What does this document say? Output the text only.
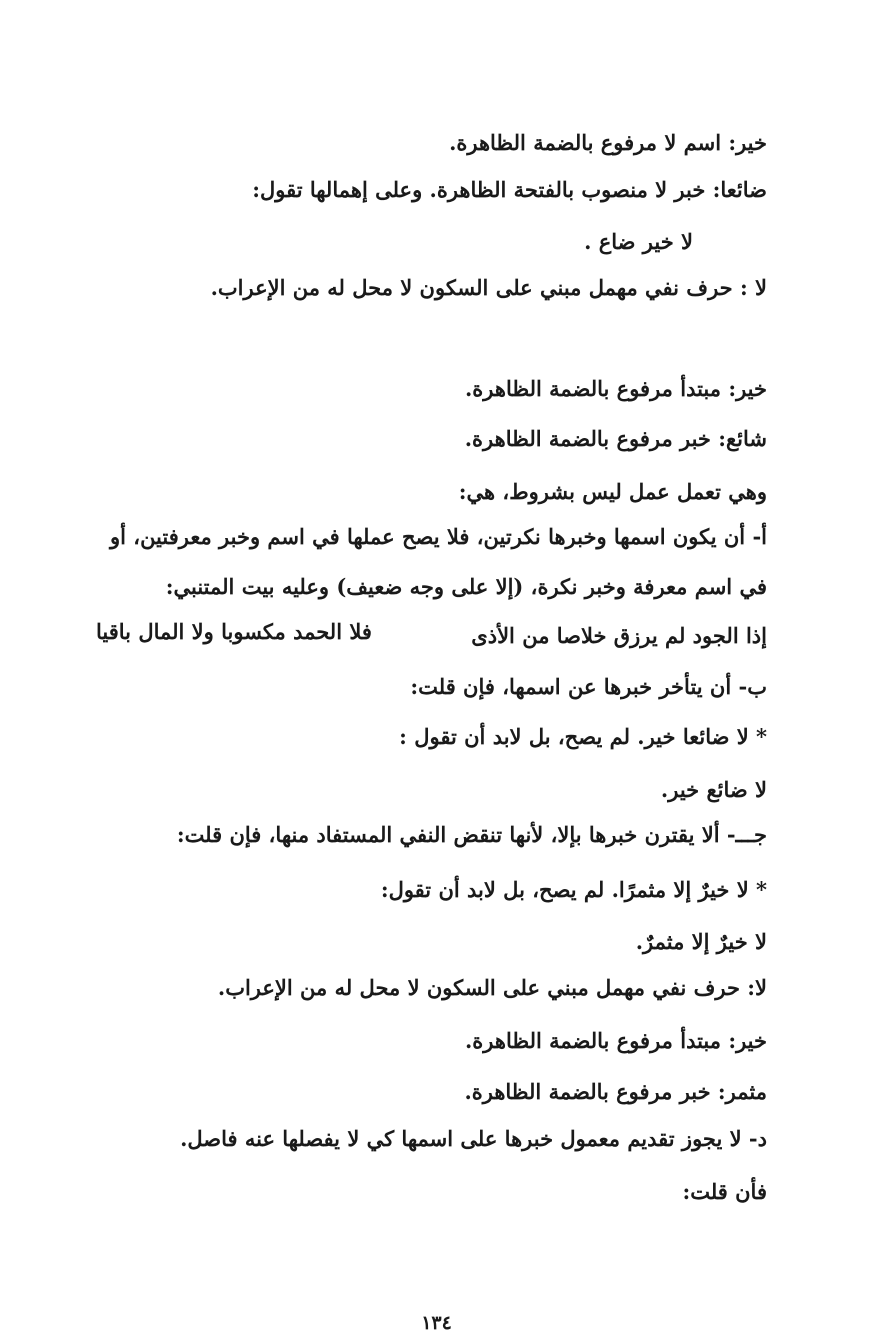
خير: اسم لا مرفوع بالضمة الظاهرة.
ضائعا: خبر لا منصوب بالفتحة الظاهرة. وعلى إهمالها تقول:
لا خير ضاع .
لا : حرف نفي مهمل مبني على السكون لا محل له من الإعراب.
خير: مبتدأ مرفوع بالضمة الظاهرة.
شائع: خبر مرفوع بالضمة الظاهرة.
وهي تعمل عمل ليس بشروط، هي:
أ- أن يكون اسمها وخبرها نكرتين، فلا يصح عملها في اسم وخبر معرفتين، أو
في اسم معرفة وخبر نكرة، (إلا على وجه ضعيف) وعليه بيت المتنبي:
إذا الجود لم يرزق خلاصا من الأذى
فلا الحمد مكسوبا ولا المال باقيا
ب- أن يتأخر خبرها عن اسمها، فإن قلت:
* لا ضائعا خير. لم يصح، بل لابد أن تقول :
لا ضائع خير.
جـــ- ألا يقترن خبرها بإلا، لأنها تنقض النفي المستفاد منها، فإن قلت:
* لا خيرٌ إلا مثمرًا. لم يصح، بل لابد أن تقول:
لا خيرٌ إلا مثمرٌ.
لا: حرف نفي مهمل مبني على السكون لا محل له من الإعراب.
خير: مبتدأ مرفوع بالضمة الظاهرة.
مثمر: خبر مرفوع بالضمة الظاهرة.
د- لا يجوز تقديم معمول خبرها على اسمها كي لا يفصلها عنه فاصل.
فأن قلت:
١٣٤
